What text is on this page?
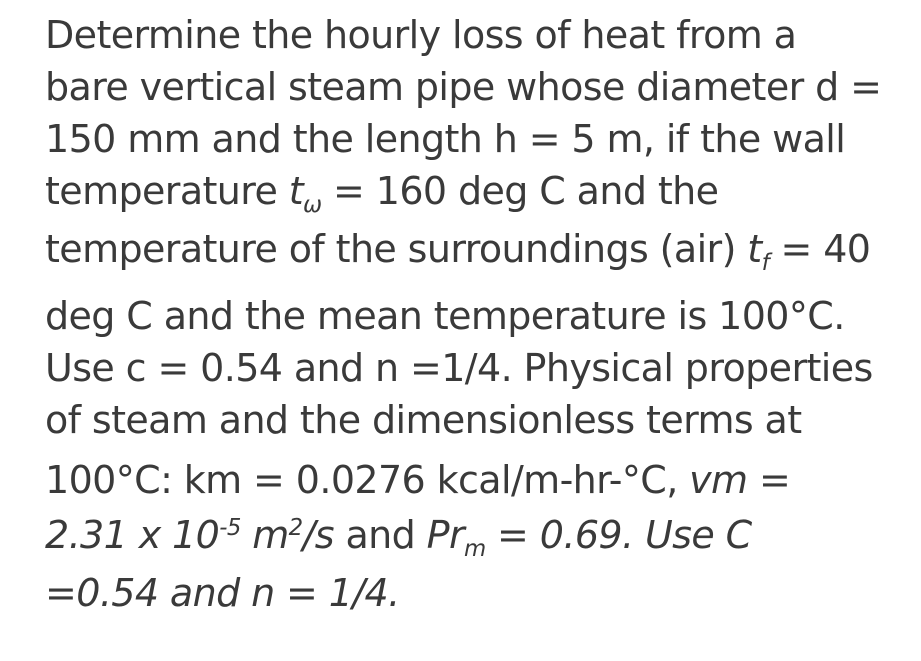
Determine the hourly loss of heat from a
bare vertical steam pipe whose diameter d =
150 mm and the length h = 5 m, if the wall
temperature $t_\omega = 160$ deg C and the
temperature of the surroundings (air) $t_f = 40$
deg C and the mean temperature is 100°C.
Use c = 0.54 and n =1/4. Physical properties
of steam and the dimensionless terms at
100°C: km = 0.0276 kcal/m-hr-°C, vm =
2.31 x $10^{-5}$ $m^2/s$ and $Pr_m = 0.69$. Use C
=0.54 and n = 1/4.
